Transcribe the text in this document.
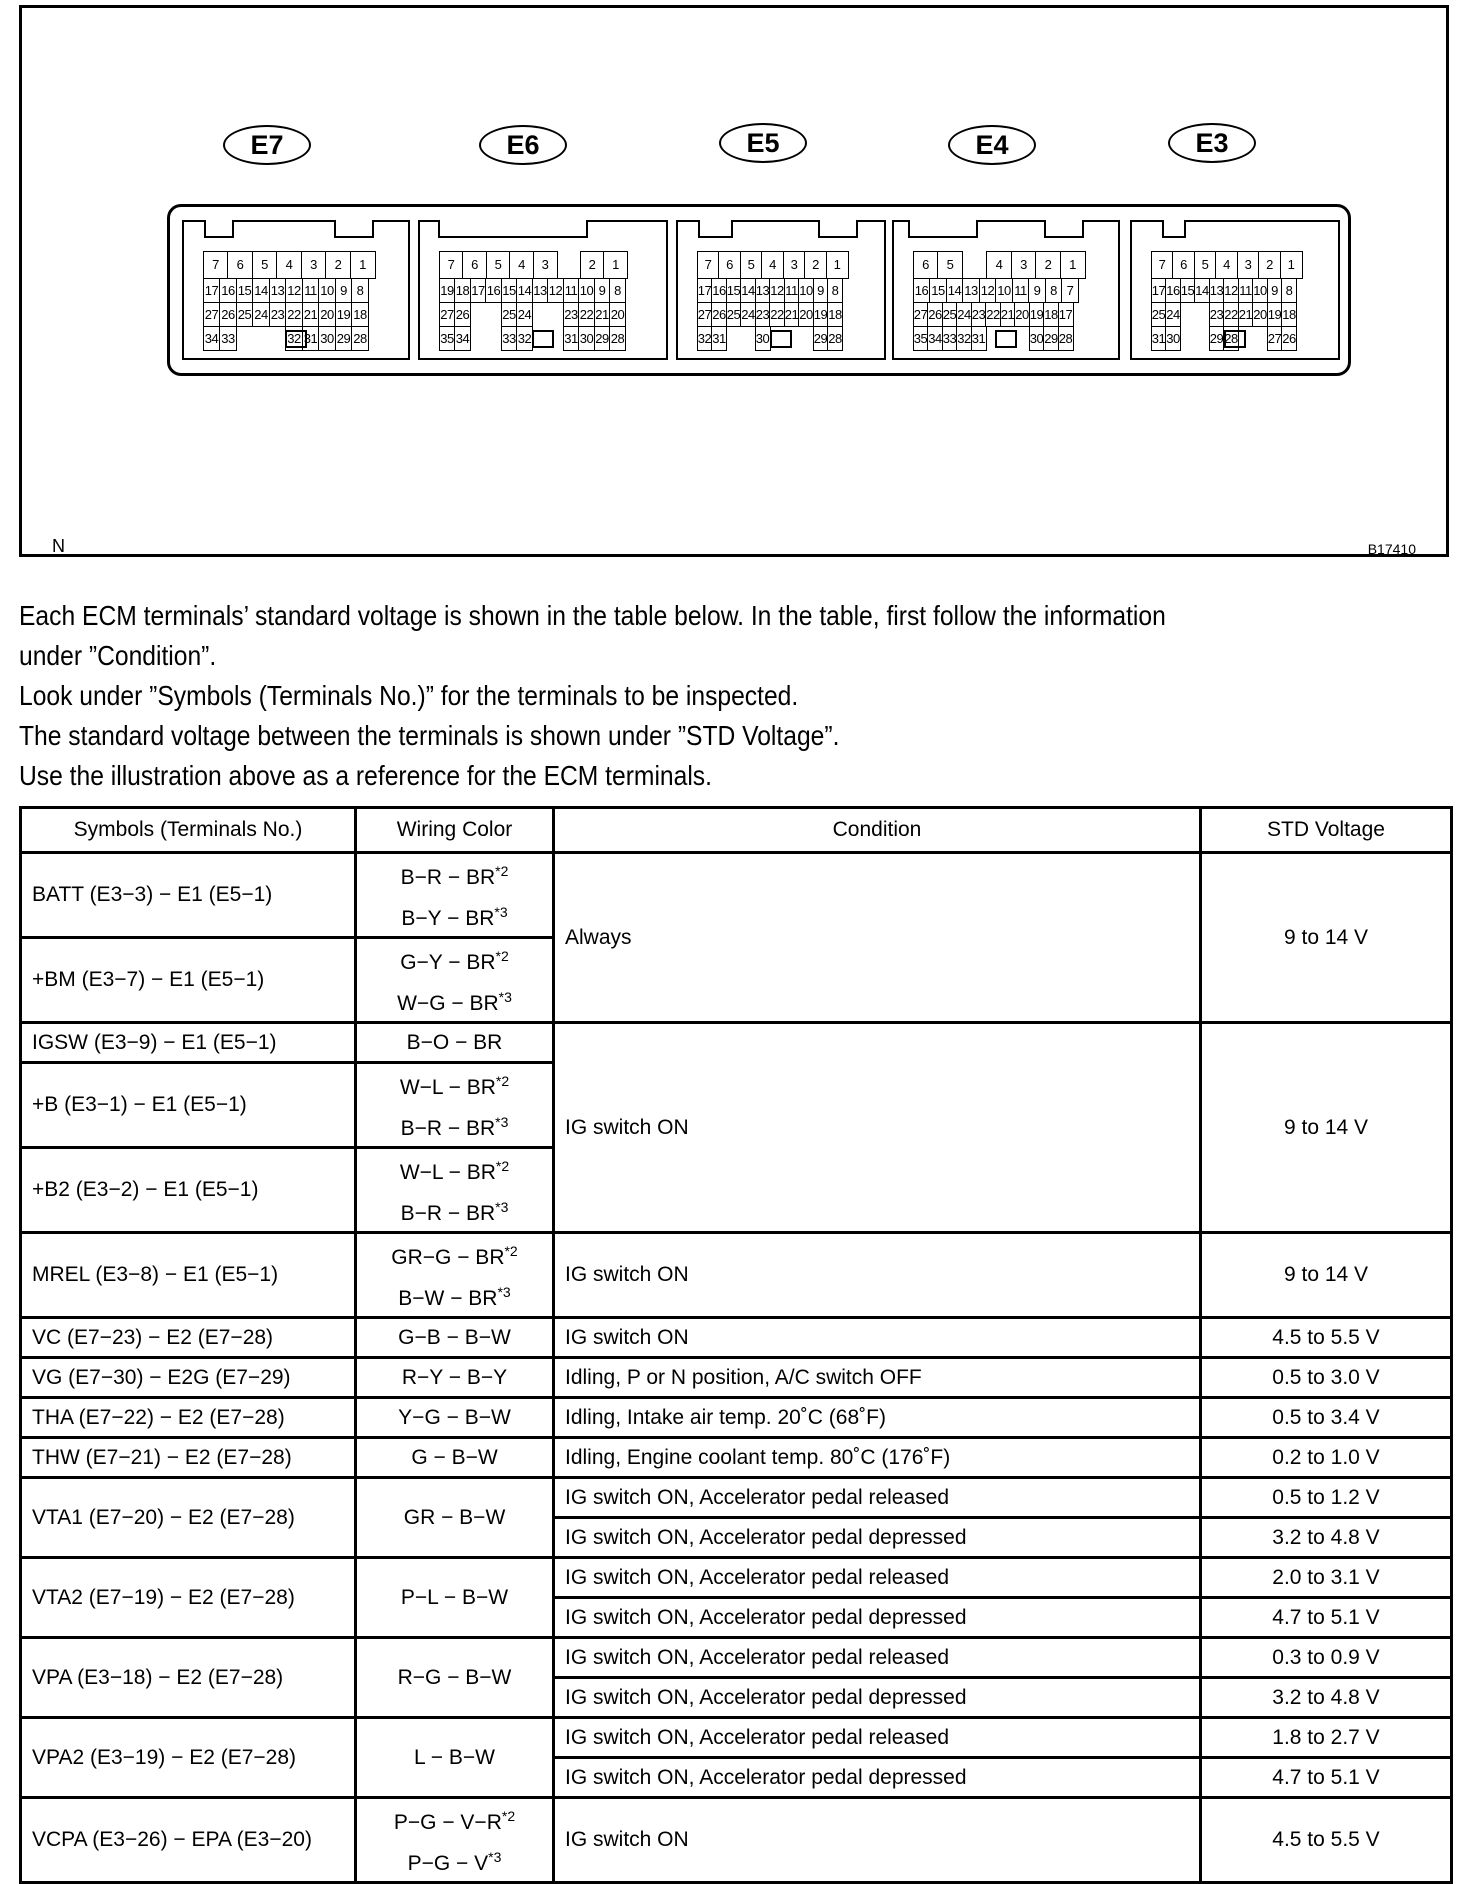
E7	E6	E5	E4	E3
7	6	5	4	3	2	1
17 16 15 14 13 12 11 10 9 8
27 26 25 24 23 22 21 20 19 18
34 33	32 31 30 29 28
7	6	5	4	3	2	1
19 18 17 16 15 14 13 12 11 10 9 8
27 26	25 24	23 22 21 20
35 34	33 32	31 30 29 28
7	6	5	4	3	2	1
17 16 15 14 13 12 11 10 9 8
27 26 25 24 23 22 21 20 19 18
32 31 30	29 28
6	5	4	3	2	1
16 15 14 13 12 10 11 9 8 7
27 26 25 24 23 22 21 20 19 18 17
35 34 33 32 31	30 29 28
7	6	5	4	3	2	1
17 16 15 14 13 12 11 10 9 8
25 24 23 22 21 20 19 18
31 30 29 28 27 26
N	B17410

Each ECM terminals’ standard voltage is shown in the table below. In the table, first follow the information

under ”Condition”.

Look under ”Symbols (Terminals No.)” for the terminals to be inspected.

The standard voltage between the terminals is shown under ”STD Voltage”.

Use the illustration above as a reference for the ECM terminals.

Symbols (Terminals No.)	Wiring Color	Condition	STD Voltage
BATT (E3−3) − E1 (E5−1)	$B-R - BR^{*2}$
$B-Y - BR^{*3}$	Always	9 to 14 V
+BM (E3−7) − E1 (E5−1)	$G-Y - BR^{*2}$
$W-G - BR^{*3}$
IGSW (E3−9) − E1 (E5−1)	B−O − BR	IG switch ON	9 to 14 V
+B (E3−1) − E1 (E5−1)	$W-L - BR^{*2}$
$B-R - BR^{*3}$
+B2 (E3−2) − E1 (E5−1)	$W-L - BR^{*2}$
$B-R - BR^{*3}$
MREL (E3−8) − E1 (E5−1)	$GR-G - BR^{*2}$
$B-W - BR^{*3}$	IG switch ON	9 to 14 V
VC (E7−23) − E2 (E7−28)	G−B − B−W	IG switch ON	4.5 to 5.5 V
VG (E7−30) − E2G (E7−29)	R−Y − B−Y	Idling, P or N position, A/C switch OFF	0.5 to 3.0 V
THA (E7−22) − E2 (E7−28)	Y−G − B−W	Idling, Intake air temp. 20˚C (68˚F)	0.5 to 3.4 V
THW (E7−21) − E2 (E7−28)	G − B−W	Idling, Engine coolant temp. 80˚C (176˚F)	0.2 to 1.0 V
VTA1 (E7−20) − E2 (E7−28)	GR − B−W	IG switch ON, Accelerator pedal released	0.5 to 1.2 V
		IG switch ON, Accelerator pedal depressed	3.2 to 4.8 V
VTA2 (E7−19) − E2 (E7−28)	P−L − B−W	IG switch ON, Accelerator pedal released	2.0 to 3.1 V
		IG switch ON, Accelerator pedal depressed	4.7 to 5.1 V
VPA (E3−18) − E2 (E7−28)	R−G − B−W	IG switch ON, Accelerator pedal released	0.3 to 0.9 V
		IG switch ON, Accelerator pedal depressed	3.2 to 4.8 V
VPA2 (E3−19) − E2 (E7−28)	L − B−W	IG switch ON, Accelerator pedal released	1.8 to 2.7 V
		IG switch ON, Accelerator pedal depressed	4.7 to 5.1 V
VCPA (E3−26) − EPA (E3−20)	$P-G - V-R^{*2}$
$P-G - V^{*3}$	IG switch ON	4.5 to 5.5 V
